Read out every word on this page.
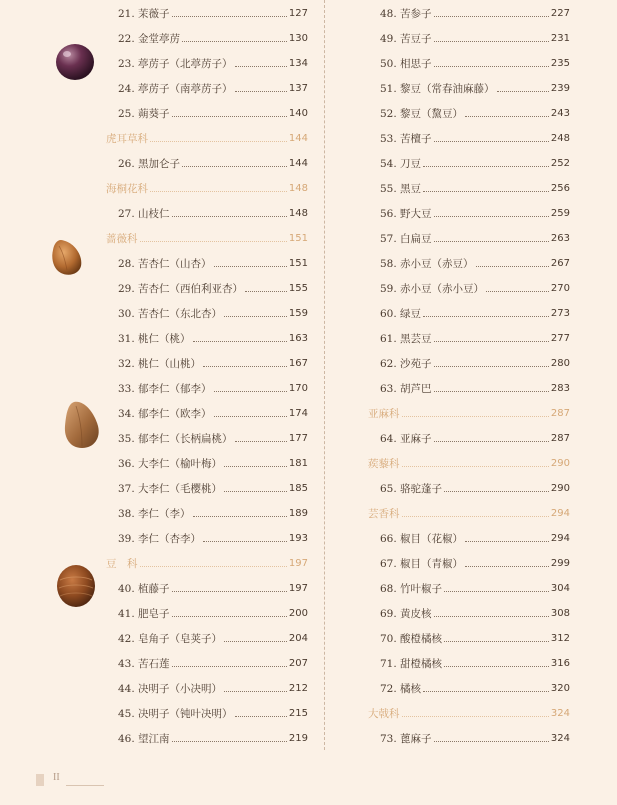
21. 茉薇子	127
22. 金堂葶苈	130
23. 葶苈子（北葶苈子）	134
24. 葶苈子（南葶苈子）	137
25. 蒴葵子	140
虎耳草科	144
26. 黑加仑子	144
海桐花科	148
27. 山枝仁	148
蔷薇科	151
28. 苦杏仁（山杏）	151
29. 苦杏仁（西伯利亚杏）	155
30. 苦杏仁（东北杏）	159
31. 桃仁（桃）	163
32. 桃仁（山桃）	167
33. 郁李仁（郁李）	170
34. 郁李仁（欧李）	174
35. 郁李仁（长柄扁桃）	177
36. 大李仁（榆叶梅）	181
37. 大李仁（毛樱桃）	185
38. 李仁（李）	189
39. 李仁（杏李）	193
豆　科	197
40. 植藤子	197
41. 肥皂子	200
42. 皂角子（皂荚子）	204
43. 苦石莲	207
44. 决明子（小决明）	212
45. 决明子（钝叶决明）	215
46. 望江南	219
48. 苦参子	227
49. 苦豆子	231
50. 相思子	235
51. 黎豆（常春油麻藤）	239
52. 黎豆（黧豆）	243
53. 苦檀子	248
54. 刀豆	252
55. 黑豆	256
56. 野大豆	259
57. 白扁豆	263
58. 赤小豆（赤豆）	267
59. 赤小豆（赤小豆）	270
60. 绿豆	273
61. 黑芸豆	277
62. 沙苑子	280
63. 胡芦巴	283
亚麻科	287
64. 亚麻子	287
蒺藜科	290
65. 骆驼蓬子	290
芸香科	294
66. 椒目（花椒）	294
67. 椒目（青椒）	299
68. 竹叶椒子	304
69. 黄皮核	308
70. 酸橙橘核	312
71. 甜橙橘核	316
72. 橘核	320
大戟科	324
73. 蓖麻子	324
II
